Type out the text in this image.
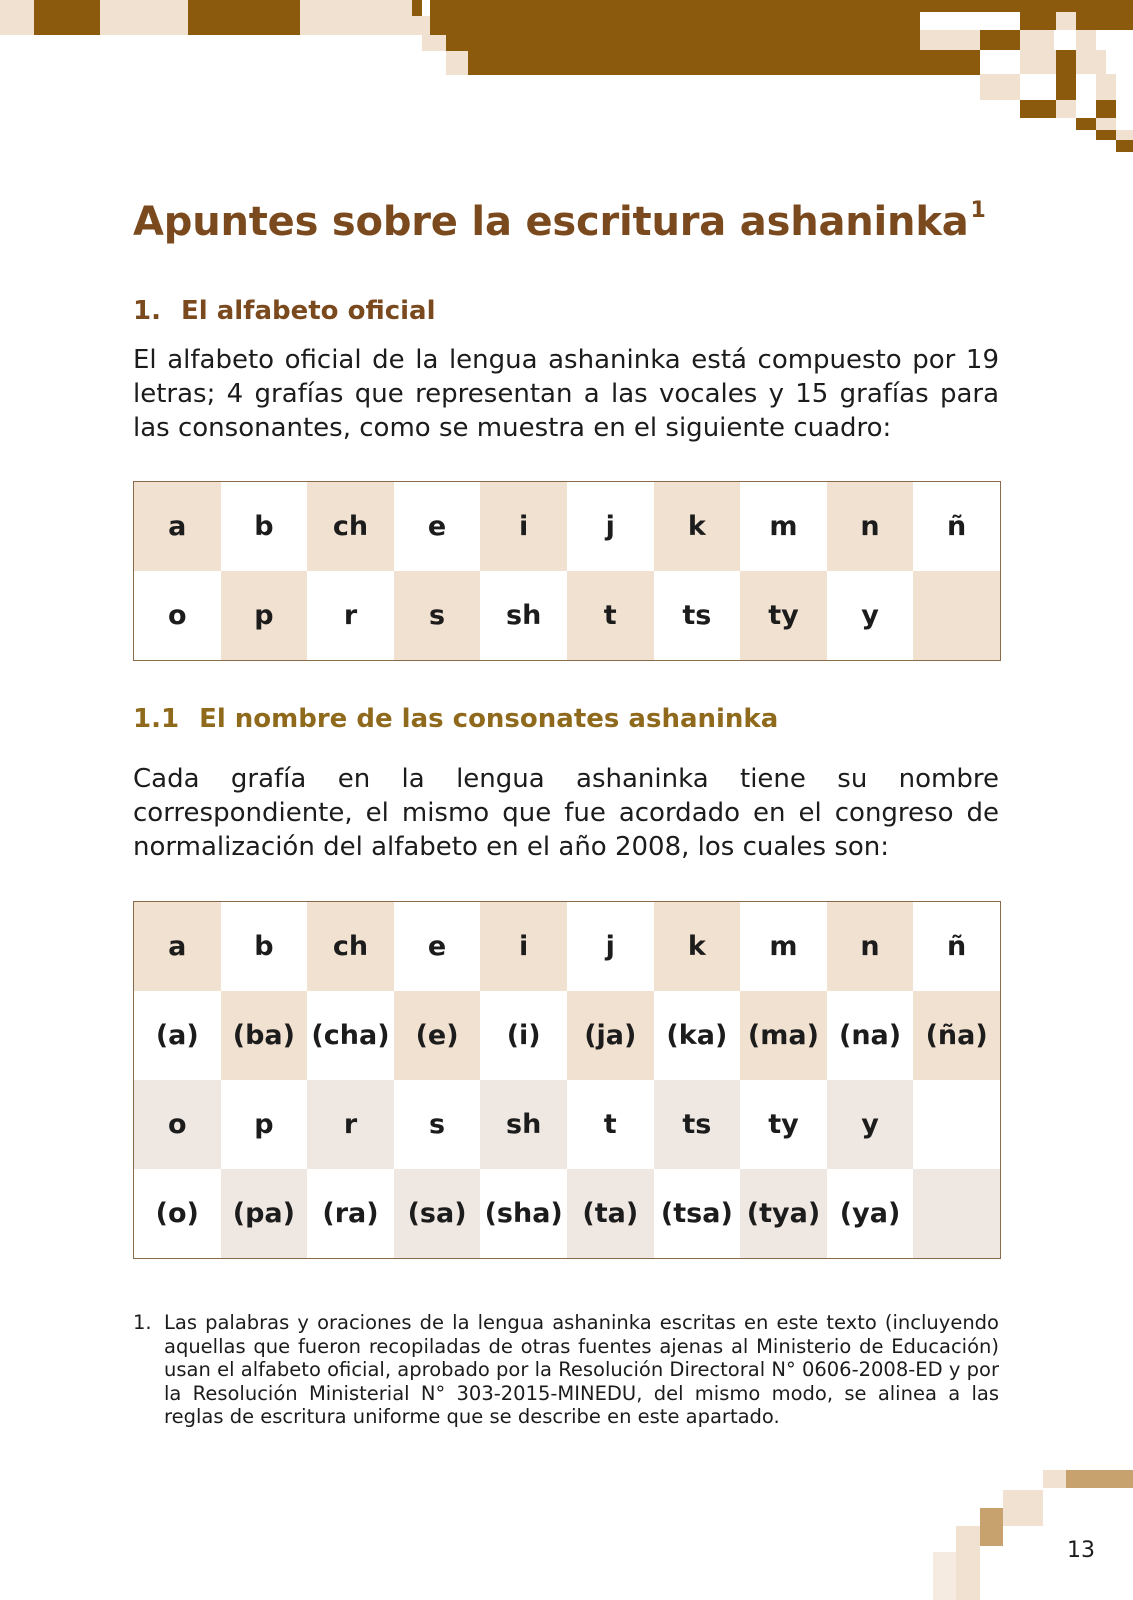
Apuntes sobre la escritura ashaninka$^1$
1. El alfabeto oficial

El alfabeto oficial de la lengua ashaninka está compuesto por 19 letras; 4 grafías que representan a las vocales y 15 grafías para las consonantes, como se muestra en el siguiente cuadro:

a	b	ch	e	i	j	k	m	n	ñ
o	p	r	s	sh	t	ts	ty	y	
1.1 El nombre de las consonates ashaninka

Cada grafía en la lengua ashaninka tiene su nombre correspondiente, el mismo que fue acordado en el congreso de normalización del alfabeto en el año 2008, los cuales son:

a	b	ch	e	i	j	k	m	n	ñ
(a)	(ba)	(cha)	(e)	(i)	(ja)	(ka)	(ma)	(na)	(ña)
o	p	r	s	sh	t	ts	ty	y	
(o)	(pa)	(ra)	(sa)	(sha)	(ta)	(tsa)	(tya)	(ya)	
1. Las palabras y oraciones de la lengua ashaninka escritas en este texto (incluyendo aquellas que fueron recopiladas de otras fuentes ajenas al Ministerio de Educación) usan el alfabeto oficial, aprobado por la Resolución Directoral N° 0606-2008-ED y por la Resolución Ministerial N° 303-2015-MINEDU, del mismo modo, se alinea a las reglas de escritura uniforme que se describe en este apartado.
13
